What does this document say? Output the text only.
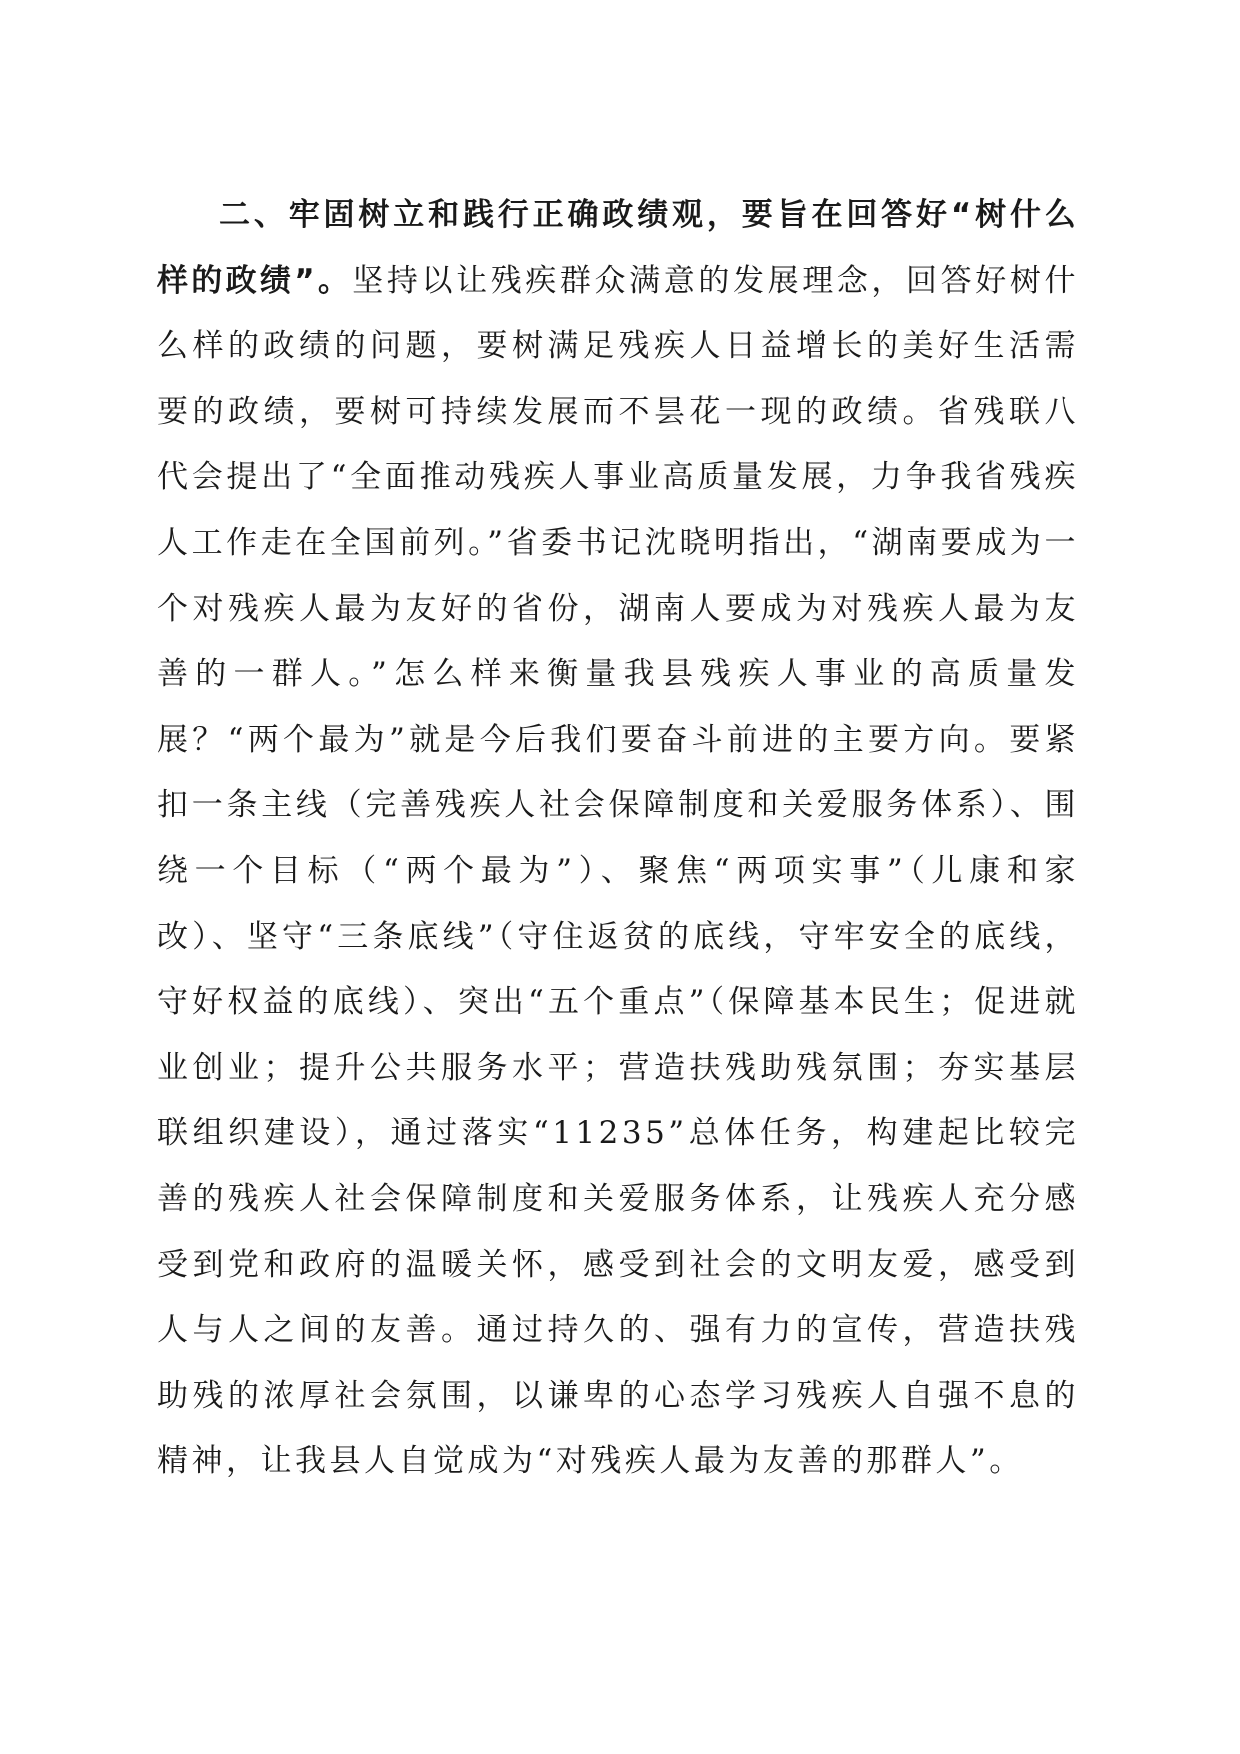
二、牢固树立和践行正确政绩观，要旨在回答好“树什么样的政绩”。坚持以让残疾群众满意的发展理念，回答好树什么样的政绩的问题，要树满足残疾人日益增长的美好生活需要的政绩，要树可持续发展而不昙花一现的政绩。省残联八代会提出了“全面推动残疾人事业高质量发展，力争我省残疾人工作走在全国前列。”省委书记沈晓明指出，“湖南要成为一个对残疾人最为友好的省份，湖南人要成为对残疾人最为友善的一群人。”怎么样来衡量我县残疾人事业的高质量发展？“两个最为”就是今后我们要奋斗前进的主要方向。要紧扣一条主线（完善残疾人社会保障制度和关爱服务体系）、围绕一个目标（“两个最为”）、聚焦“两项实事”（儿康和家改）、坚守“三条底线”（守住返贫的底线，守牢安全的底线，守好权益的底线）、突出“五个重点”（保障基本民生；促进就业创业；提升公共服务水平；营造扶残助残氛围；夯实基层联组织建设），通过落实“11235”总体任务，构建起比较完善的残疾人社会保障制度和关爱服务体系，让残疾人充分感受到党和政府的温暖关怀，感受到社会的文明友爱，感受到人与人之间的友善。通过持久的、强有力的宣传，营造扶残助残的浓厚社会氛围，以谦卑的心态学习残疾人自强不息的精神，让我县人自觉成为“对残疾人最为友善的那群人”。
